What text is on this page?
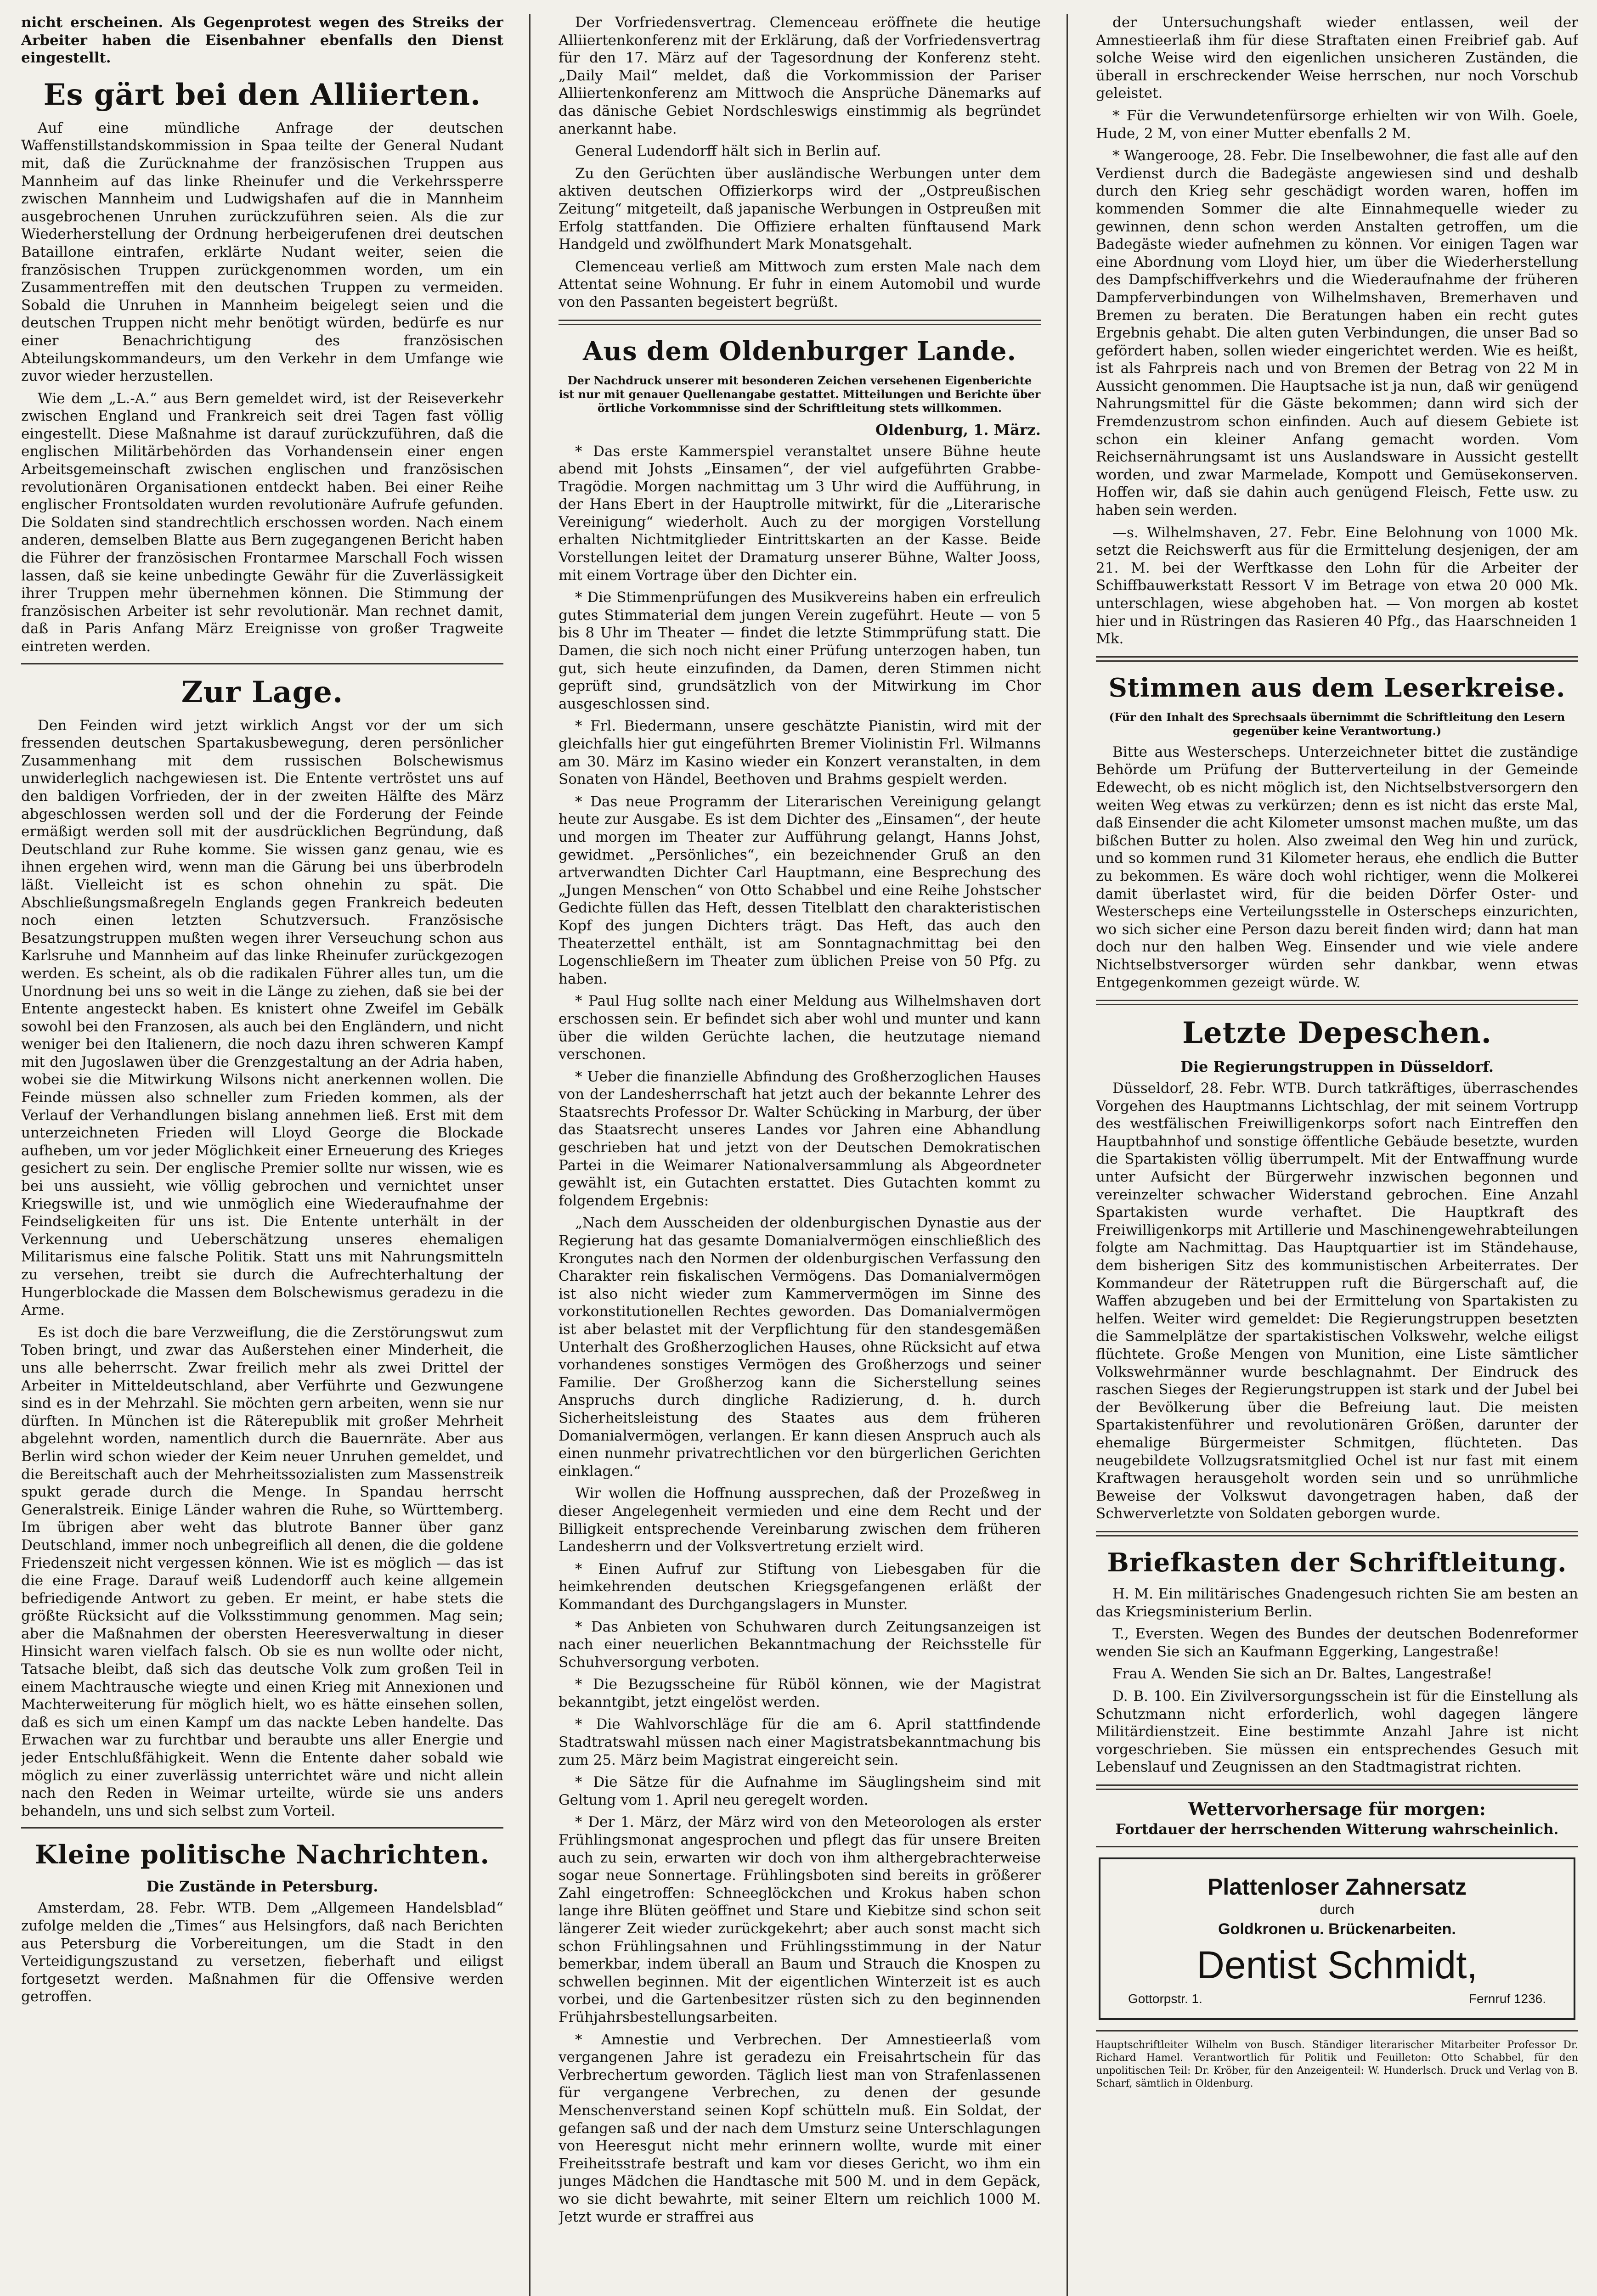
nicht erscheinen. Als Gegenprotest wegen des Streiks der Arbeiter haben die Eisenbahner ebenfalls den Dienst eingestellt.

Es gärt bei den Alliierten.

Auf eine mündliche Anfrage der deutschen Waffenstillstandskommission in Spaa teilte der General Nudant mit, daß die Zurücknahme der französischen Truppen aus Mannheim auf das linke Rheinufer und die Verkehrssperre zwischen Mannheim und Ludwigshafen auf die in Mannheim ausgebrochenen Unruhen zurückzuführen seien. Als die zur Wiederherstellung der Ordnung herbeigerufenen drei deutschen Bataillone eintrafen, erklärte Nudant weiter, seien die französischen Truppen zurückgenommen worden, um ein Zusammentreffen mit den deutschen Truppen zu vermeiden. Sobald die Unruhen in Mannheim beigelegt seien und die deutschen Truppen nicht mehr benötigt würden, bedürfe es nur einer Benachrichtigung des französischen Abteilungskommandeurs, um den Verkehr in dem Umfange wie zuvor wieder herzustellen.

Wie dem „L.-A.“ aus Bern gemeldet wird, ist der Reiseverkehr zwischen England und Frankreich seit drei Tagen fast völlig eingestellt. Diese Maßnahme ist darauf zurückzuführen, daß die englischen Militärbehörden das Vorhandensein einer engen Arbeitsgemeinschaft zwischen englischen und französischen revolutionären Organisationen entdeckt haben. Bei einer Reihe englischer Frontsoldaten wurden revolutionäre Aufrufe gefunden. Die Soldaten sind standrechtlich erschossen worden. Nach einem anderen, demselben Blatte aus Bern zugegangenen Bericht haben die Führer der französischen Frontarmee Marschall Foch wissen lassen, daß sie keine unbedingte Gewähr für die Zuverlässigkeit ihrer Truppen mehr übernehmen können. Die Stimmung der französischen Arbeiter ist sehr revolutionär. Man rechnet damit, daß in Paris Anfang März Ereignisse von großer Tragweite eintreten werden.

Zur Lage.

Den Feinden wird jetzt wirklich Angst vor der um sich fressenden deutschen Spartakusbewegung, deren persönlicher Zusammenhang mit dem russischen Bolschewismus unwiderleglich nachgewiesen ist. Die Entente vertröstet uns auf den baldigen Vorfrieden, der in der zweiten Hälfte des März abgeschlossen werden soll und der die Forderung der Feinde ermäßigt werden soll mit der ausdrücklichen Begründung, daß Deutschland zur Ruhe komme. Sie wissen ganz genau, wie es ihnen ergehen wird, wenn man die Gärung bei uns überbrodeln läßt. Vielleicht ist es schon ohnehin zu spät. Die Abschließungsmaßregeln Englands gegen Frankreich bedeuten noch einen letzten Schutzversuch. Französische Besatzungstruppen mußten wegen ihrer Verseuchung schon aus Karlsruhe und Mannheim auf das linke Rheinufer zurückgezogen werden. Es scheint, als ob die radikalen Führer alles tun, um die Unordnung bei uns so weit in die Länge zu ziehen, daß sie bei der Entente angesteckt haben. Es knistert ohne Zweifel im Gebälk sowohl bei den Franzosen, als auch bei den Engländern, und nicht weniger bei den Italienern, die noch dazu ihren schweren Kampf mit den Jugoslawen über die Grenzgestaltung an der Adria haben, wobei sie die Mitwirkung Wilsons nicht anerkennen wollen. Die Feinde müssen also schneller zum Frieden kommen, als der Verlauf der Verhandlungen bislang annehmen ließ. Erst mit dem unterzeichneten Frieden will Lloyd George die Blockade aufheben, um vor jeder Möglichkeit einer Erneuerung des Krieges gesichert zu sein. Der englische Premier sollte nur wissen, wie es bei uns aussieht, wie völlig gebrochen und vernichtet unser Kriegswille ist, und wie unmöglich eine Wiederaufnahme der Feindseligkeiten für uns ist. Die Entente unterhält in der Verkennung und Ueberschätzung unseres ehemaligen Militarismus eine falsche Politik. Statt uns mit Nahrungsmitteln zu versehen, treibt sie durch die Aufrechterhaltung der Hungerblockade die Massen dem Bolschewismus geradezu in die Arme.

Es ist doch die bare Verzweiflung, die die Zerstörungswut zum Toben bringt, und zwar das Außerstehen einer Minderheit, die uns alle beherrscht. Zwar freilich mehr als zwei Drittel der Arbeiter in Mitteldeutschland, aber Verführte und Gezwungene sind es in der Mehrzahl. Sie möchten gern arbeiten, wenn sie nur dürften. In München ist die Räterepublik mit großer Mehrheit abgelehnt worden, namentlich durch die Bauernräte. Aber aus Berlin wird schon wieder der Keim neuer Unruhen gemeldet, und die Bereitschaft auch der Mehrheitssozialisten zum Massenstreik spukt gerade durch die Menge. In Spandau herrscht Generalstreik. Einige Länder wahren die Ruhe, so Württemberg. Im übrigen aber weht das blutrote Banner über ganz Deutschland, immer noch unbegreiflich all denen, die die goldene Friedenszeit nicht vergessen können. Wie ist es möglich — das ist die eine Frage. Darauf weiß Ludendorff auch keine allgemein befriedigende Antwort zu geben. Er meint, er habe stets die größte Rücksicht auf die Volksstimmung genommen. Mag sein; aber die Maßnahmen der obersten Heeresverwaltung in dieser Hinsicht waren vielfach falsch. Ob sie es nun wollte oder nicht, Tatsache bleibt, daß sich das deutsche Volk zum großen Teil in einem Machtrausche wiegte und einen Krieg mit Annexionen und Machterweiterung für möglich hielt, wo es hätte einsehen sollen, daß es sich um einen Kampf um das nackte Leben handelte. Das Erwachen war zu furchtbar und beraubte uns aller Energie und jeder Entschlußfähigkeit. Wenn die Entente daher sobald wie möglich zu einer zuverlässig unterrichtet wäre und nicht allein nach den Reden in Weimar urteilte, würde sie uns anders behandeln, uns und sich selbst zum Vorteil.

Kleine politische Nachrichten.
Die Zustände in Petersburg.

Amsterdam, 28. Febr. WTB. Dem „Allgemeen Handelsblad“ zufolge melden die „Times“ aus Helsingfors, daß nach Berichten aus Petersburg die Vorbereitungen, um die Stadt in den Verteidigungszustand zu versetzen, fieberhaft und eiligst fortgesetzt werden. Maßnahmen für die Offensive werden getroffen.

Der Vorfriedensvertrag. Clemenceau eröffnete die heutige Alliiertenkonferenz mit der Erklärung, daß der Vorfriedensvertrag für den 17. März auf der Tagesordnung der Konferenz steht. „Daily Mail“ meldet, daß die Vorkommission der Pariser Alliiertenkonferenz am Mittwoch die Ansprüche Dänemarks auf das dänische Gebiet Nordschleswigs einstimmig als begründet anerkannt habe.

General Ludendorff hält sich in Berlin auf.

Zu den Gerüchten über ausländische Werbungen unter dem aktiven deutschen Offizierkorps wird der „Ostpreußischen Zeitung“ mitgeteilt, daß japanische Werbungen in Ostpreußen mit Erfolg stattfanden. Die Offiziere erhalten fünftausend Mark Handgeld und zwölfhundert Mark Monatsgehalt.

Clemenceau verließ am Mittwoch zum ersten Male nach dem Attentat seine Wohnung. Er fuhr in einem Automobil und wurde von den Passanten begeistert begrüßt.

Aus dem Oldenburger Lande.
Der Nachdruck unserer mit besonderen Zeichen versehenen Eigenberichte ist nur mit genauer Quellenangabe gestattet. Mitteilungen und Berichte über örtliche Vorkommnisse sind der Schriftleitung stets willkommen.
Oldenburg, 1. März.

* Das erste Kammerspiel veranstaltet unsere Bühne heute abend mit Johsts „Einsamen“, der viel aufgeführten Grabbe-Tragödie. Morgen nachmittag um 3 Uhr wird die Aufführung, in der Hans Ebert in der Hauptrolle mitwirkt, für die „Literarische Vereinigung“ wiederholt. Auch zu der morgigen Vorstellung erhalten Nichtmitglieder Eintrittskarten an der Kasse. Beide Vorstellungen leitet der Dramaturg unserer Bühne, Walter Jooss, mit einem Vortrage über den Dichter ein.

* Die Stimmenprüfungen des Musikvereins haben ein erfreulich gutes Stimmaterial dem jungen Verein zugeführt. Heute — von 5 bis 8 Uhr im Theater — findet die letzte Stimmprüfung statt. Die Damen, die sich noch nicht einer Prüfung unterzogen haben, tun gut, sich heute einzufinden, da Damen, deren Stimmen nicht geprüft sind, grundsätzlich von der Mitwirkung im Chor ausgeschlossen sind.

* Frl. Biedermann, unsere geschätzte Pianistin, wird mit der gleichfalls hier gut eingeführten Bremer Violinistin Frl. Wilmanns am 30. März im Kasino wieder ein Konzert veranstalten, in dem Sonaten von Händel, Beethoven und Brahms gespielt werden.

* Das neue Programm der Literarischen Vereinigung gelangt heute zur Ausgabe. Es ist dem Dichter des „Einsamen“, der heute und morgen im Theater zur Aufführung gelangt, Hanns Johst, gewidmet. „Persönliches“, ein bezeichnender Gruß an den artverwandten Dichter Carl Hauptmann, eine Besprechung des „Jungen Menschen“ von Otto Schabbel und eine Reihe Johstscher Gedichte füllen das Heft, dessen Titelblatt den charakteristischen Kopf des jungen Dichters trägt. Das Heft, das auch den Theaterzettel enthält, ist am Sonntagnachmittag bei den Logenschließern im Theater zum üblichen Preise von 50 Pfg. zu haben.

* Paul Hug sollte nach einer Meldung aus Wilhelmshaven dort erschossen sein. Er befindet sich aber wohl und munter und kann über die wilden Gerüchte lachen, die heutzutage niemand verschonen.

* Ueber die finanzielle Abfindung des Großherzoglichen Hauses von der Landesherrschaft hat jetzt auch der bekannte Lehrer des Staatsrechts Professor Dr. Walter Schücking in Marburg, der über das Staatsrecht unseres Landes vor Jahren eine Abhandlung geschrieben hat und jetzt von der Deutschen Demokratischen Partei in die Weimarer Nationalversammlung als Abgeordneter gewählt ist, ein Gutachten erstattet. Dies Gutachten kommt zu folgendem Ergebnis:

„Nach dem Ausscheiden der oldenburgischen Dynastie aus der Regierung hat das gesamte Domanialvermögen einschließlich des Krongutes nach den Normen der oldenburgischen Verfassung den Charakter rein fiskalischen Vermögens. Das Domanialvermögen ist also nicht wieder zum Kammervermögen im Sinne des vorkonstitutionellen Rechtes geworden. Das Domanialvermögen ist aber belastet mit der Verpflichtung für den standesgemäßen Unterhalt des Großherzoglichen Hauses, ohne Rücksicht auf etwa vorhandenes sonstiges Vermögen des Großherzogs und seiner Familie. Der Großherzog kann die Sicherstellung seines Anspruchs durch dingliche Radizierung, d. h. durch Sicherheitsleistung des Staates aus dem früheren Domanialvermögen, verlangen. Er kann diesen Anspruch auch als einen nunmehr privatrechtlichen vor den bürgerlichen Gerichten einklagen.“

Wir wollen die Hoffnung aussprechen, daß der Prozeßweg in dieser Angelegenheit vermieden und eine dem Recht und der Billigkeit entsprechende Vereinbarung zwischen dem früheren Landesherrn und der Volksvertretung erzielt wird.

* Einen Aufruf zur Stiftung von Liebesgaben für die heimkehrenden deutschen Kriegsgefangenen erläßt der Kommandant des Durchgangslagers in Munster.

* Das Anbieten von Schuhwaren durch Zeitungsanzeigen ist nach einer neuerlichen Bekanntmachung der Reichsstelle für Schuhversorgung verboten.

* Die Bezugsscheine für Rüböl können, wie der Magistrat bekanntgibt, jetzt eingelöst werden.

* Die Wahlvorschläge für die am 6. April stattfindende Stadtratswahl müssen nach einer Magistratsbekanntmachung bis zum 25. März beim Magistrat eingereicht sein.

* Die Sätze für die Aufnahme im Säuglingsheim sind mit Geltung vom 1. April neu geregelt worden.

* Der 1. März, der März wird von den Meteorologen als erster Frühlingsmonat angesprochen und pflegt das für unsere Breiten auch zu sein, erwarten wir doch von ihm althergebrachterweise sogar neue Sonnertage. Frühlingsboten sind bereits in größerer Zahl eingetroffen: Schneeglöckchen und Krokus haben schon lange ihre Blüten geöffnet und Stare und Kiebitze sind schon seit längerer Zeit wieder zurückgekehrt; aber auch sonst macht sich schon Frühlingsahnen und Frühlingsstimmung in der Natur bemerkbar, indem überall an Baum und Strauch die Knospen zu schwellen beginnen. Mit der eigentlichen Winterzeit ist es auch vorbei, und die Gartenbesitzer rüsten sich zu den beginnenden Frühjahrsbestellungsarbeiten.

* Amnestie und Verbrechen. Der Amnestieerlaß vom vergangenen Jahre ist geradezu ein Freisahrtschein für das Verbrechertum geworden. Täglich liest man von Strafenlassenen für vergangene Verbrechen, zu denen der gesunde Menschenverstand seinen Kopf schütteln muß. Ein Soldat, der gefangen saß und der nach dem Umsturz seine Unterschlagungen von Heeresgut nicht mehr erinnern wollte, wurde mit einer Freiheitsstrafe bestraft und kam vor dieses Gericht, wo ihm ein junges Mädchen die Handtasche mit 500 M. und in dem Gepäck, wo sie dicht bewahrte, mit seiner Eltern um reichlich 1000 M. Jetzt wurde er straffrei aus

der Untersuchungshaft wieder entlassen, weil der Amnestieerlaß ihm für diese Straftaten einen Freibrief gab. Auf solche Weise wird den eigenlichen unsicheren Zuständen, die überall in erschreckender Weise herrschen, nur noch Vorschub geleistet.

* Für die Verwundetenfürsorge erhielten wir von Wilh. Goele, Hude, 2 M, von einer Mutter ebenfalls 2 M.

* Wangerooge, 28. Febr. Die Inselbewohner, die fast alle auf den Verdienst durch die Badegäste angewiesen sind und deshalb durch den Krieg sehr geschädigt worden waren, hoffen im kommenden Sommer die alte Einnahmequelle wieder zu gewinnen, denn schon werden Anstalten getroffen, um die Badegäste wieder aufnehmen zu können. Vor einigen Tagen war eine Abordnung vom Lloyd hier, um über die Wiederherstellung des Dampfschiffverkehrs und die Wiederaufnahme der früheren Dampferverbindungen von Wilhelmshaven, Bremerhaven und Bremen zu beraten. Die Beratungen haben ein recht gutes Ergebnis gehabt. Die alten guten Verbindungen, die unser Bad so gefördert haben, sollen wieder eingerichtet werden. Wie es heißt, ist als Fahrpreis nach und von Bremen der Betrag von 22 M in Aussicht genommen. Die Hauptsache ist ja nun, daß wir genügend Nahrungsmittel für die Gäste bekommen; dann wird sich der Fremdenzustrom schon einfinden. Auch auf diesem Gebiete ist schon ein kleiner Anfang gemacht worden. Vom Reichsernährungsamt ist uns Auslandsware in Aussicht gestellt worden, und zwar Marmelade, Kompott und Gemüsekonserven. Hoffen wir, daß sie dahin auch genügend Fleisch, Fette usw. zu haben sein werden.

—s. Wilhelmshaven, 27. Febr. Eine Belohnung von 1000 Mk. setzt die Reichswerft aus für die Ermittelung desjenigen, der am 21. M. bei der Werftkasse den Lohn für die Arbeiter der Schiffbauwerkstatt Ressort V im Betrage von etwa 20 000 Mk. unterschlagen, wiese abgehoben hat. — Von morgen ab kostet hier und in Rüstringen das Rasieren 40 Pfg., das Haarschneiden 1 Mk.

Stimmen aus dem Leserkreise.
(Für den Inhalt des Sprechsaals übernimmt die Schriftleitung den Lesern gegenüber keine Verantwortung.)

Bitte aus Westerscheps. Unterzeichneter bittet die zuständige Behörde um Prüfung der Butterverteilung in der Gemeinde Edewecht, ob es nicht möglich ist, den Nichtselbstversorgern den weiten Weg etwas zu verkürzen; denn es ist nicht das erste Mal, daß Einsender die acht Kilometer umsonst machen mußte, um das bißchen Butter zu holen. Also zweimal den Weg hin und zurück, und so kommen rund 31 Kilometer heraus, ehe endlich die Butter zu bekommen. Es wäre doch wohl richtiger, wenn die Molkerei damit überlastet wird, für die beiden Dörfer Oster- und Westerscheps eine Verteilungsstelle in Osterscheps einzurichten, wo sich sicher eine Person dazu bereit finden wird; dann hat man doch nur den halben Weg. Einsender und wie viele andere Nichtselbstversorger würden sehr dankbar, wenn etwas Entgegenkommen gezeigt würde. W.

Letzte Depeschen.
Die Regierungstruppen in Düsseldorf.

Düsseldorf, 28. Febr. WTB. Durch tatkräftiges, überraschendes Vorgehen des Hauptmanns Lichtschlag, der mit seinem Vortrupp des westfälischen Freiwilligenkorps sofort nach Eintreffen den Hauptbahnhof und sonstige öffentliche Gebäude besetzte, wurden die Spartakisten völlig überrumpelt. Mit der Entwaffnung wurde unter Aufsicht der Bürgerwehr inzwischen begonnen und vereinzelter schwacher Widerstand gebrochen. Eine Anzahl Spartakisten wurde verhaftet. Die Hauptkraft des Freiwilligenkorps mit Artillerie und Maschinengewehrabteilungen folgte am Nachmittag. Das Hauptquartier ist im Ständehause, dem bisherigen Sitz des kommunistischen Arbeiterrates. Der Kommandeur der Rätetruppen ruft die Bürgerschaft auf, die Waffen abzugeben und bei der Ermittelung von Spartakisten zu helfen. Weiter wird gemeldet: Die Regierungstruppen besetzten die Sammelplätze der spartakistischen Volkswehr, welche eiligst flüchtete. Große Mengen von Munition, eine Liste sämtlicher Volkswehrmänner wurde beschlagnahmt. Der Eindruck des raschen Sieges der Regierungstruppen ist stark und der Jubel bei der Bevölkerung über die Befreiung laut. Die meisten Spartakistenführer und revolutionären Größen, darunter der ehemalige Bürgermeister Schmitgen, flüchteten. Das neugebildete Vollzugsratsmitglied Ochel ist nur fast mit einem Kraftwagen herausgeholt worden sein und so unrühmliche Beweise der Volkswut davongetragen haben, daß der Schwerverletzte von Soldaten geborgen wurde.

Briefkasten der Schriftleitung.

H. M. Ein militärisches Gnadengesuch richten Sie am besten an das Kriegsministerium Berlin.

T., Eversten. Wegen des Bundes der deutschen Bodenreformer wenden Sie sich an Kaufmann Eggerking, Langestraße!

Frau A. Wenden Sie sich an Dr. Baltes, Langestraße!

D. B. 100. Ein Zivilversorgungsschein ist für die Einstellung als Schutzmann nicht erforderlich, wohl dagegen längere Militärdienstzeit. Eine bestimmte Anzahl Jahre ist nicht vorgeschrieben. Sie müssen ein entsprechendes Gesuch mit Lebenslauf und Zeugnissen an den Stadtmagistrat richten.

Wettervorhersage für morgen:
Fortdauer der herrschenden Witterung wahrscheinlich.
Plattenloser Zahnersatz
durch
Goldkronen u. Brückenarbeiten.
Dentist Schmidt,
Gottorpstr. 1.	Fernruf 1236.
Hauptschriftleiter Wilhelm von Busch. Ständiger literarischer Mitarbeiter Professor Dr. Richard Hamel. Verantwortlich für Politik und Feuilleton: Otto Schabbel, für den unpolitischen Teil: Dr. Kröber, für den Anzeigenteil: W. Hunderlsch. Druck und Verlag von B. Scharf, sämtlich in Oldenburg.
